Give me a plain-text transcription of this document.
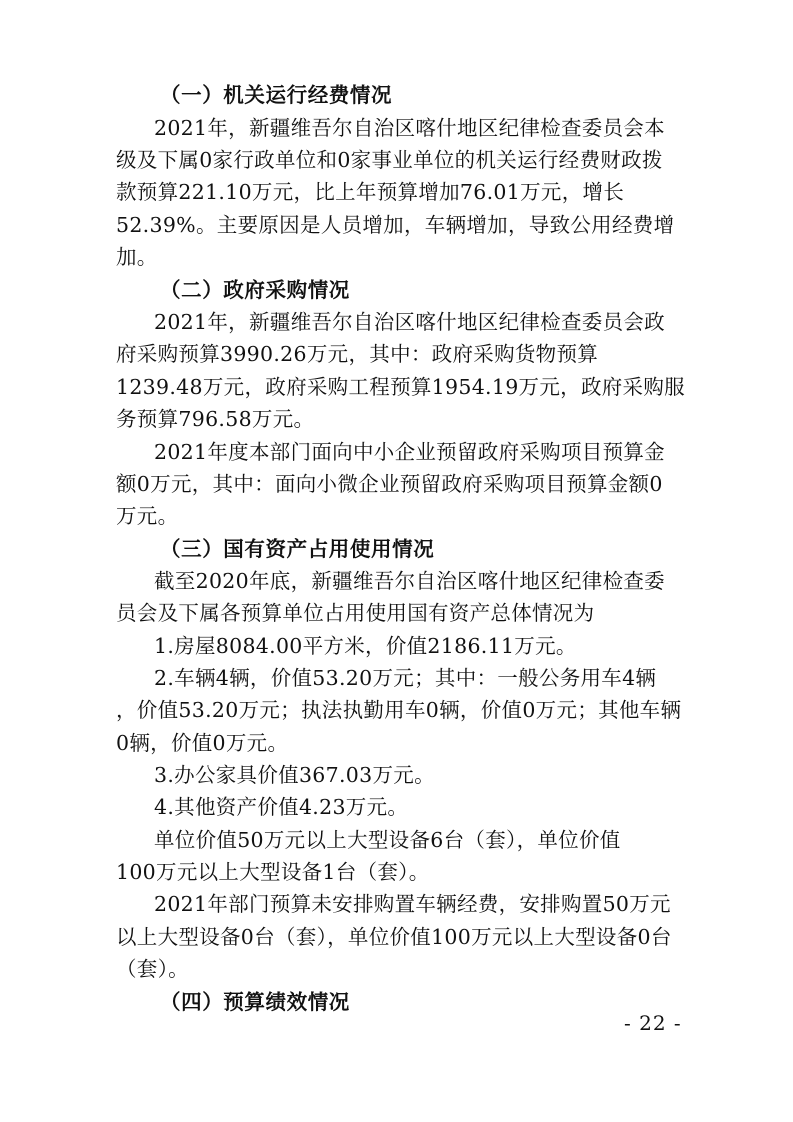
（一）机关运行经费情况
2021年，新疆维吾尔自治区喀什地区纪律检查委员会本
级及下属0家行政单位和0家事业单位的机关运行经费财政拨
款预算221.10万元，比上年预算增加76.01万元，增长
52.39%。主要原因是人员增加，车辆增加，导致公用经费增
加。
（二）政府采购情况
2021年，新疆维吾尔自治区喀什地区纪律检查委员会政
府采购预算3990.26万元，其中：政府采购货物预算
1239.48万元，政府采购工程预算1954.19万元，政府采购服
务预算796.58万元。
2021年度本部门面向中小企业预留政府采购项目预算金
额0万元，其中：面向小微企业预留政府采购项目预算金额0
万元。
（三）国有资产占用使用情况
截至2020年底，新疆维吾尔自治区喀什地区纪律检查委
员会及下属各预算单位占用使用国有资产总体情况为
1.房屋8084.00平方米，价值2186.11万元。
2.车辆4辆，价值53.20万元；其中：一般公务用车4辆
，价值53.20万元；执法执勤用车0辆，价值0万元；其他车辆
0辆，价值0万元。
3.办公家具价值367.03万元。
4.其他资产价值4.23万元。
单位价值50万元以上大型设备6台（套），单位价值
100万元以上大型设备1台（套）。
2021年部门预算未安排购置车辆经费，安排购置50万元
以上大型设备0台（套），单位价值100万元以上大型设备0台
（套）。
（四）预算绩效情况
- 22 -
